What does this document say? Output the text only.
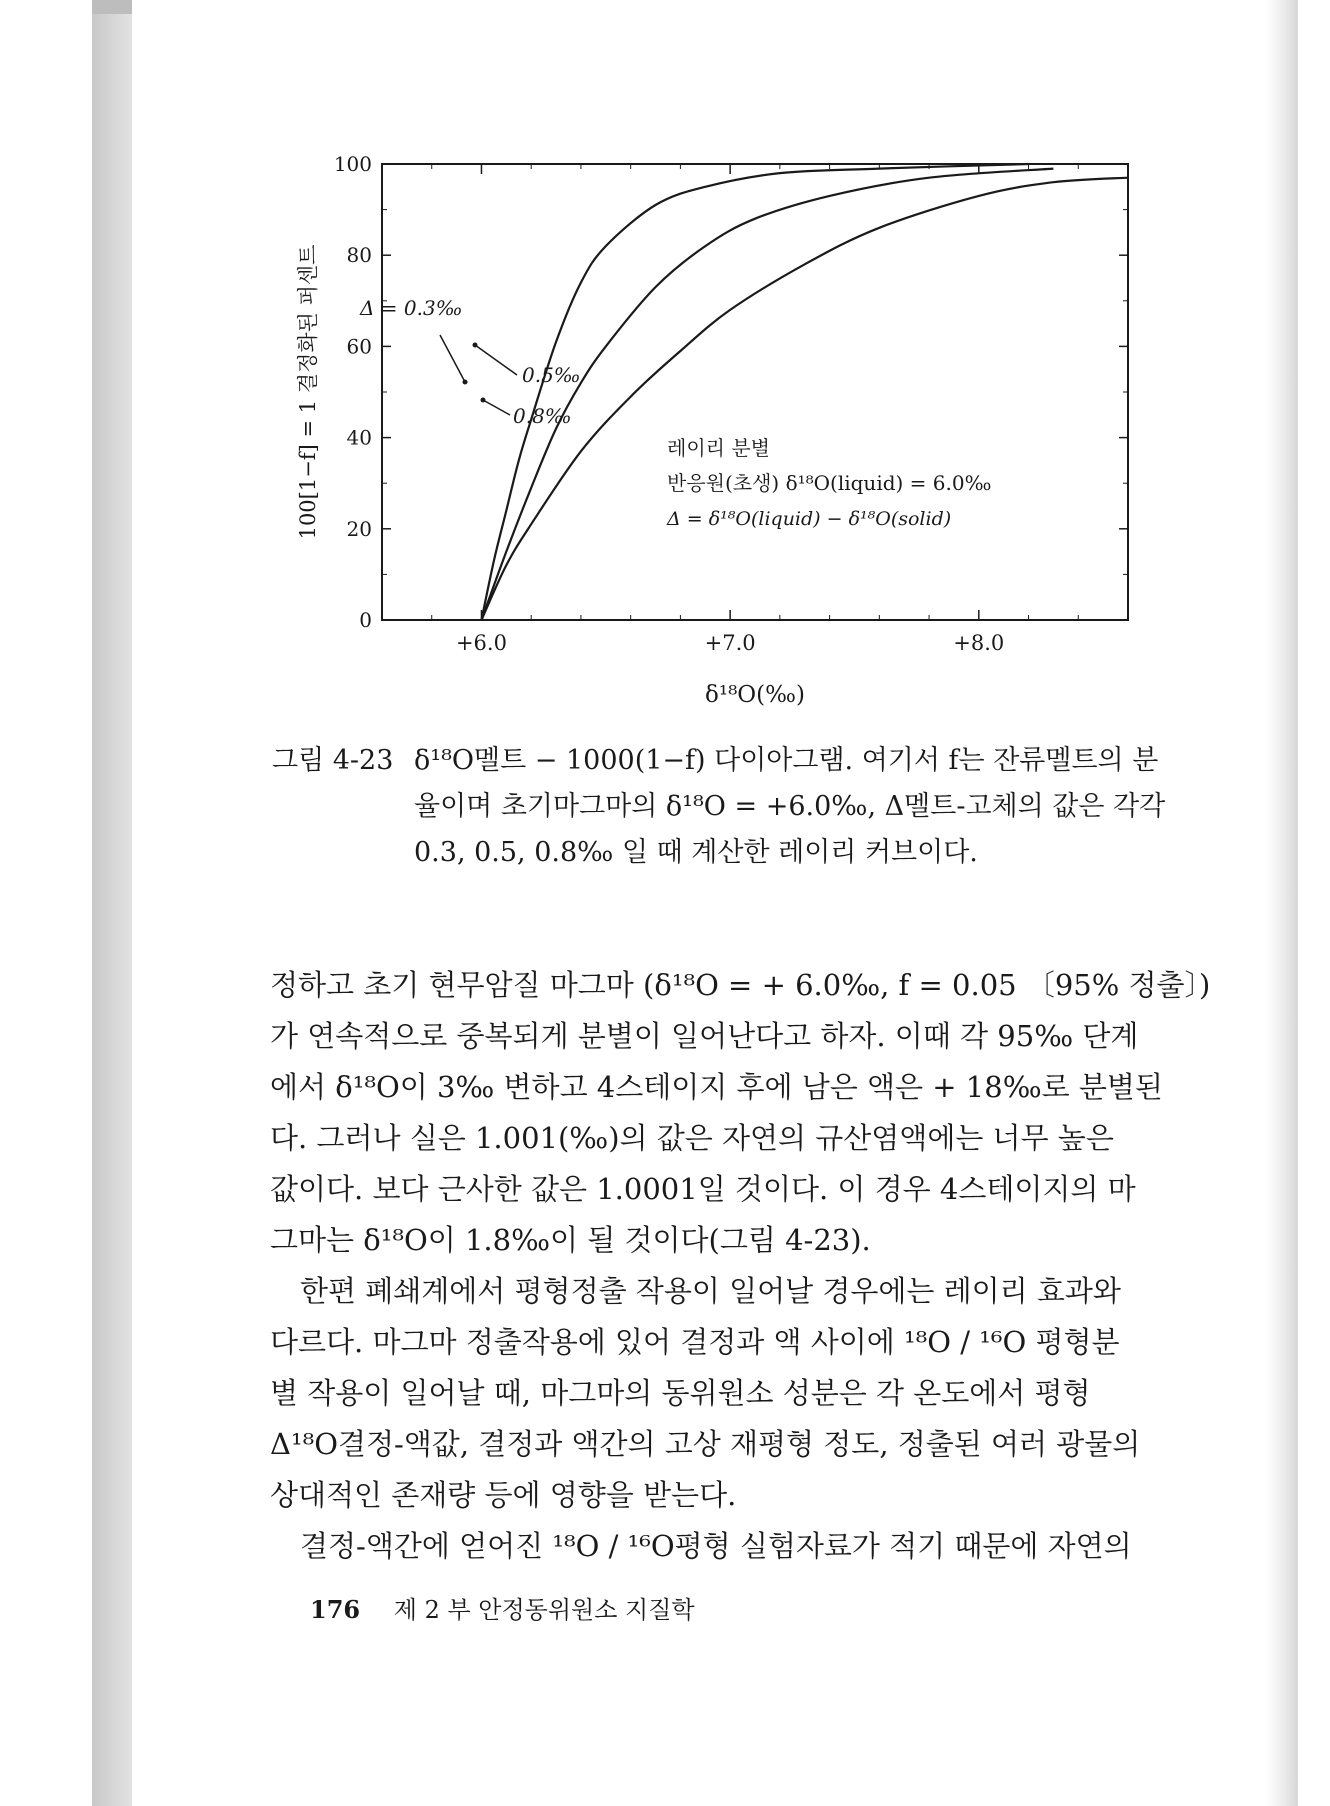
0
20
40
60
80
100
+6.0	+7.0	+8.0
δ¹⁸O(‰)
100[1−f] = 1 결정화된 퍼센트 Δ = 0.3‰
0.5‰
0.8‰
레이리 분별
반응원(초생) δ¹⁸O(liquid) = 6.0‰
Δ = δ¹⁸O(liquid) − δ¹⁸O(solid)
그림 4-23 δ¹⁸O멜트 − 1000(1−f) 다이아그램. 여기서 f는 잔류멜트의 분
율이며 초기마그마의 δ¹⁸O = +6.0‰, Δ멜트-고체의 값은 각각
0.3, 0.5, 0.8‰ 일 때 계산한 레이리 커브이다.
정하고 초기 현무암질 마그마 (δ¹⁸O = + 6.0‰, f = 0.05 〔95% 정출〕)
가 연속적으로 중복되게 분별이 일어난다고 하자. 이때 각 95‰ 단계
에서 δ¹⁸O이 3‰ 변하고 4스테이지 후에 남은 액은 + 18‰로 분별된
다. 그러나 실은 1.001(‰)의 값은 자연의 규산염액에는 너무 높은
값이다. 보다 근사한 값은 1.0001일 것이다. 이 경우 4스테이지의 마
그마는 δ¹⁸O이 1.8‰이 될 것이다(그림 4-23).
한편 폐쇄계에서 평형정출 작용이 일어날 경우에는 레이리 효과와
다르다. 마그마 정출작용에 있어 결정과 액 사이에 ¹⁸O / ¹⁶O 평형분
별 작용이 일어날 때, 마그마의 동위원소 성분은 각 온도에서 평형
Δ¹⁸O결정-액값, 결정과 액간의 고상 재평형 정도, 정출된 여러 광물의
상대적인 존재량 등에 영향을 받는다.
결정-액간에 얻어진 ¹⁸O / ¹⁶O평형 실험자료가 적기 때문에 자연의
176 제 2 부 안정동위원소 지질학
